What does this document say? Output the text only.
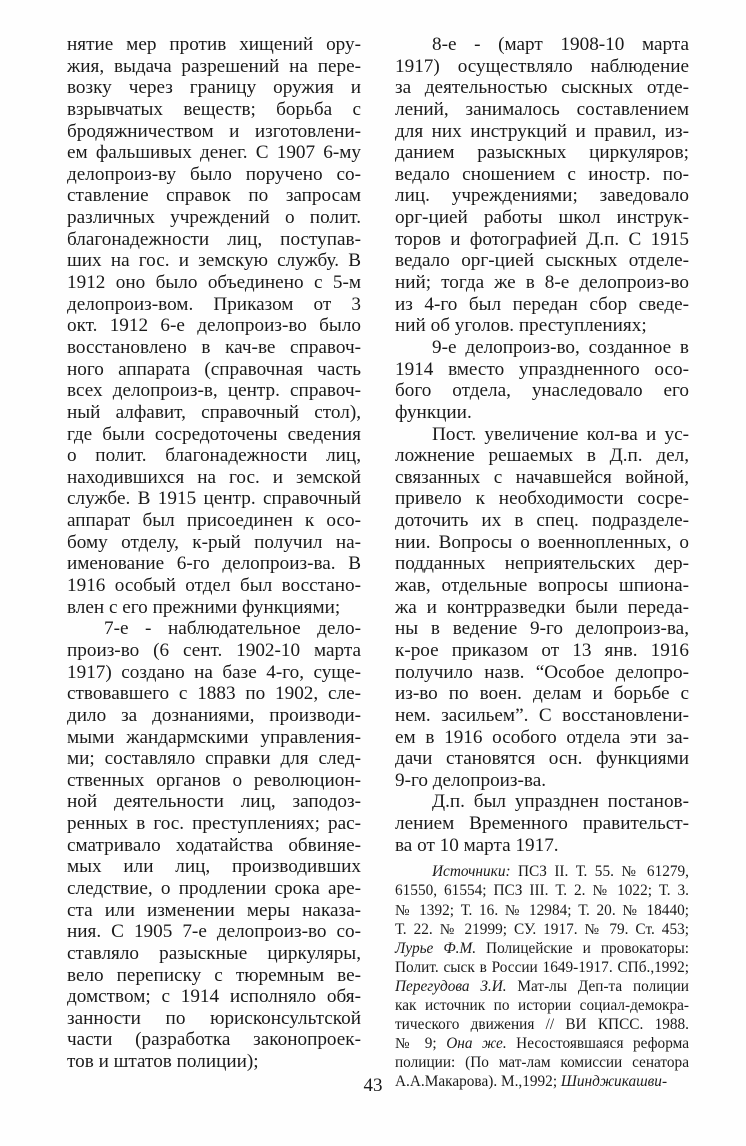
нятие мер против хищений ору-
жия, выдача разрешений на пере-
возку через границу оружия и
взрывчатых веществ; борьба с
бродяжничеством и изготовлени-
ем фальшивых денег. С 1907 6-му
делопроиз-ву было поручено со-
ставление справок по запросам
различных учреждений о полит.
благонадежности лиц, поступав-
ших на гос. и земскую службу. В
1912 оно было объединено с 5-м
делопроиз-вом. Приказом от 3
окт. 1912 6-е делопроиз-во было
восстановлено в кач-ве справоч-
ного аппарата (справочная часть
всех делопроиз-в, центр. справоч-
ный алфавит, справочный стол),
где были сосредоточены сведения
о полит. благонадежности лиц,
находившихся на гос. и земской
службе. В 1915 центр. справочный
аппарат был присоединен к осо-
бому отделу, к-рый получил на-
именование 6-го делопроиз-ва. В
1916 особый отдел был восстано-
влен с его прежними функциями;
7-е - наблюдательное дело-
произ-во (6 сент. 1902-10 марта
1917) создано на базе 4-го, суще-
ствовавшего с 1883 по 1902, сле-
дило за дознаниями, производи-
мыми жандармскими управления-
ми; составляло справки для след-
ственных органов о революцион-
ной деятельности лиц, заподоз-
ренных в гос. преступлениях; рас-
сматривало ходатайства обвиняе-
мых или лиц, производивших
следствие, о продлении срока аре-
ста или изменении меры наказа-
ния. С 1905 7-е делопроиз-во со-
ставляло разыскные циркуляры,
вело переписку с тюремным ве-
домством; с 1914 исполняло обя-
занности по юрисконсультской
части (разработка законопроек-
тов и штатов полиции);
8-е - (март 1908-10 марта
1917) осуществляло наблюдение
за деятельностью сыскных отде-
лений, занималось составлением
для них инструкций и правил, из-
данием разыскных циркуляров;
ведало сношением с иностр. по-
лиц. учреждениями; заведовало
орг-цией работы школ инструк-
торов и фотографией Д.п. С 1915
ведало орг-цией сыскных отделе-
ний; тогда же в 8-е делопроиз-во
из 4-го был передан сбор сведе-
ний об уголов. преступлениях;
9-е делопроиз-во, созданное в
1914 вместо упраздненного осо-
бого отдела, унаследовало его
функции.
Пост. увеличение кол-ва и ус-
ложнение решаемых в Д.п. дел,
связанных с начавшейся войной,
привело к необходимости сосре-
доточить их в спец. подразделе-
нии. Вопросы о военнопленных, о
подданных неприятельских дер-
жав, отдельные вопросы шпиона-
жа и контрразведки были переда-
ны в ведение 9-го делопроиз-ва,
к-рое приказом от 13 янв. 1916
получило назв. “Особое делопро-
из-во по воен. делам и борьбе с
нем. засильем”. С восстановлени-
ем в 1916 особого отдела эти за-
дачи становятся осн. функциями
9-го делопроиз-ва.
Д.п. был упразднен постанов-
лением Временного правительст-
ва от 10 марта 1917.
Источники: ПСЗ II. Т. 55. № 61279,
61550, 61554; ПСЗ III. Т. 2. № 1022; Т. 3.
№ 1392; Т. 16. № 12984; Т. 20. № 18440;
Т. 22. № 21999; СУ. 1917. № 79. Ст. 453;
Лурье Ф.М. Полицейские и провокаторы:
Полит. сыск в России 1649-1917. СПб.,1992;
Перегудова З.И. Мат-лы Деп-та полиции
как источник по истории социал-демокра-
тического движения // ВИ КПСС. 1988.
№ 9; Она же. Несостоявшаяся реформа
полиции: (По мат-лам комиссии сенатора
А.А.Макарова). М.,1992; Шинджикашви-
43
